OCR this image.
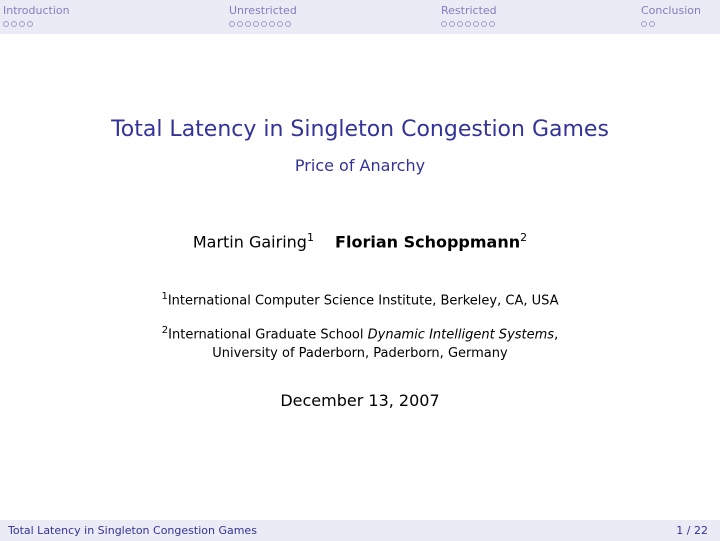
Introduction	Unrestricted	Restricted	Conclusion
Total Latency in Singleton Congestion Games
Price of Anarchy
Martin Gairing$^1$ Florian Schoppmann$^2$
$^1$International Computer Science Institute, Berkeley, CA, USA
$^2$International Graduate School Dynamic Intelligent Systems,
University of Paderborn, Paderborn, Germany
December 13, 2007
Total Latency in Singleton Congestion Games	1 / 22
